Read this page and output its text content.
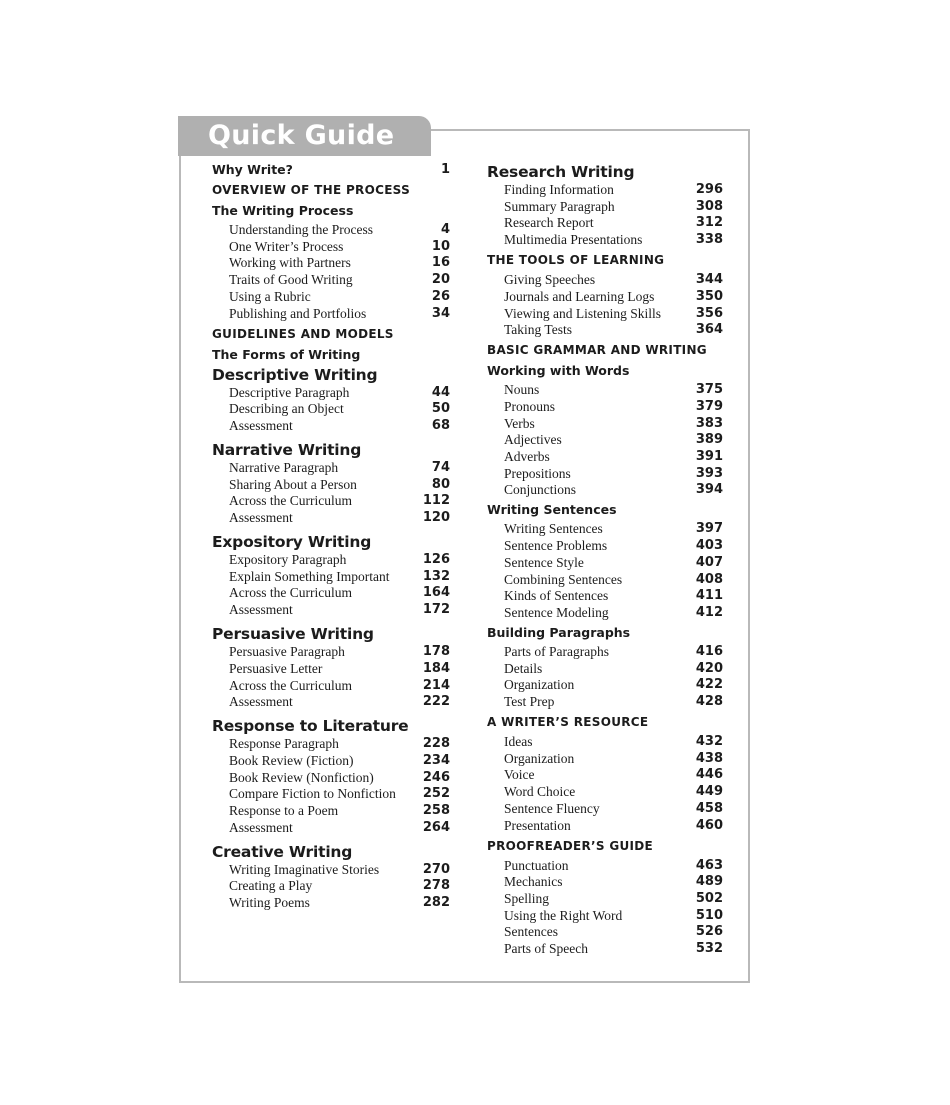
Quick Guide
Why Write?	1
OVERVIEW OF THE PROCESS
The Writing Process
Understanding the Process	4
One Writer’s Process	10
Working with Partners	16
Traits of Good Writing	20
Using a Rubric	26
Publishing and Portfolios	34
GUIDELINES AND MODELS
The Forms of Writing
Descriptive Writing
Descriptive Paragraph	44
Describing an Object	50
Assessment	68
Narrative Writing
Narrative Paragraph	74
Sharing About a Person	80
Across the Curriculum	112
Assessment	120
Expository Writing
Expository Paragraph	126
Explain Something Important	132
Across the Curriculum	164
Assessment	172
Persuasive Writing
Persuasive Paragraph	178
Persuasive Letter	184
Across the Curriculum	214
Assessment	222
Response to Literature
Response Paragraph	228
Book Review (Fiction)	234
Book Review (Nonfiction)	246
Compare Fiction to Nonfiction 252
Response to a Poem	258
Assessment	264
Creative Writing
Writing Imaginative Stories	270
Creating a Play	278
Writing Poems	282
Research Writing
Finding Information	296
Summary Paragraph	308
Research Report	312
Multimedia Presentations	338
THE TOOLS OF LEARNING
Giving Speeches	344
Journals and Learning Logs	350
Viewing and Listening Skills	356
Taking Tests	364
BASIC GRAMMAR AND WRITING
Working with Words
Nouns	375
Pronouns	379
Verbs	383
Adjectives	389
Adverbs	391
Prepositions	393
Conjunctions	394
Writing Sentences
Writing Sentences	397
Sentence Problems	403
Sentence Style	407
Combining Sentences	408
Kinds of Sentences	411
Sentence Modeling	412
Building Paragraphs
Parts of Paragraphs	416
Details	420
Organization	422
Test Prep	428
A WRITER’S RESOURCE
Ideas	432
Organization	438
Voice	446
Word Choice	449
Sentence Fluency	458
Presentation	460
PROOFREADER’S GUIDE
Punctuation	463
Mechanics	489
Spelling	502
Using the Right Word	510
Sentences	526
Parts of Speech	532
